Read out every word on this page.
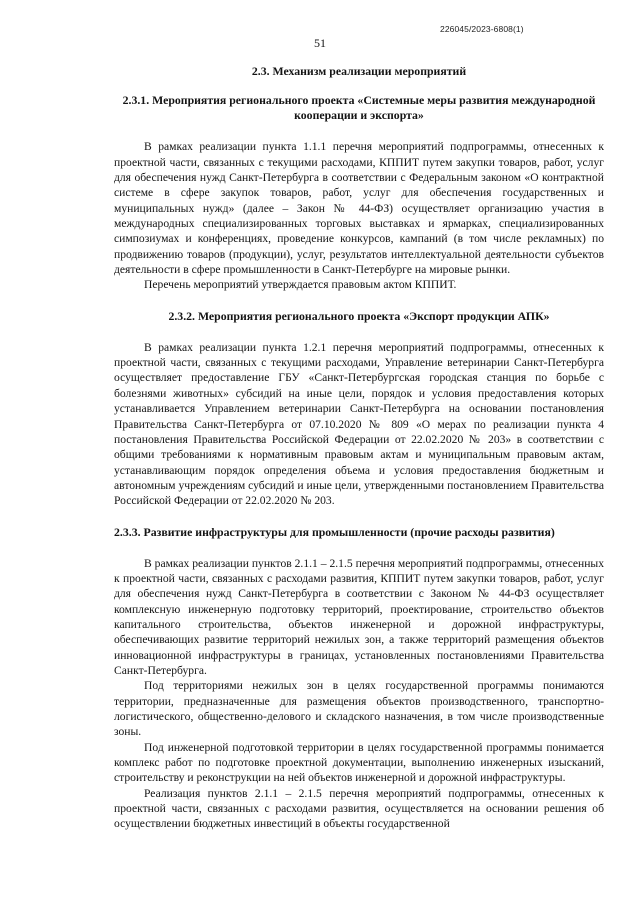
226045/2023-6808(1)
51
2.3. Механизм реализации мероприятий
2.3.1. Мероприятия регионального проекта «Системные меры развития международной кооперации и экспорта»

В рамках реализации пункта 1.1.1 перечня мероприятий подпрограммы, отнесенных к проектной части, связанных с текущими расходами, КППИТ путем закупки товаров, работ, услуг для обеспечения нужд Санкт-Петербурга в соответствии с Федеральным законом «О контрактной системе в сфере закупок товаров, работ, услуг для обеспечения государственных и муниципальных нужд» (далее – Закон № 44-ФЗ) осуществляет организацию участия в международных специализированных торговых выставках и ярмарках, специализированных симпозиумах и конференциях, проведение конкурсов, кампаний (в том числе рекламных) по продвижению товаров (продукции), услуг, результатов интеллектуальной деятельности субъектов деятельности в сфере промышленности в Санкт-Петербурге на мировые рынки.

Перечень мероприятий утверждается правовым актом КППИТ.

2.3.2. Мероприятия регионального проекта «Экспорт продукции АПК»

В рамках реализации пункта 1.2.1 перечня мероприятий подпрограммы, отнесенных к проектной части, связанных с текущими расходами, Управление ветеринарии Санкт-Петербурга осуществляет предоставление ГБУ «Санкт-Петербургская городская станция по борьбе с болезнями животных» субсидий на иные цели, порядок и условия предоставления которых устанавливается Управлением ветеринарии Санкт-Петербурга на основании постановления Правительства Санкт-Петербурга от 07.10.2020 № 809 «О мерах по реализации пункта 4 постановления Правительства Российской Федерации от 22.02.2020 № 203» в соответствии с общими требованиями к нормативным правовым актам и муниципальным правовым актам, устанавливающим порядок определения объема и условия предоставления бюджетным и автономным учреждениям субсидий и иные цели, утвержденными постановлением Правительства Российской Федерации от 22.02.2020 № 203.

2.3.3. Развитие инфраструктуры для промышленности (прочие расходы развития)

В рамках реализации пунктов 2.1.1 – 2.1.5 перечня мероприятий подпрограммы, отнесенных к проектной части, связанных с расходами развития, КППИТ путем закупки товаров, работ, услуг для обеспечения нужд Санкт-Петербурга в соответствии с Законом № 44-ФЗ осуществляет комплексную инженерную подготовку территорий, проектирование, строительство объектов капитального строительства, объектов инженерной и дорожной инфраструктуры, обеспечивающих развитие территорий нежилых зон, а также территорий размещения объектов инновационной инфраструктуры в границах, установленных постановлениями Правительства Санкт-Петербурга.

Под территориями нежилых зон в целях государственной программы понимаются территории, предназначенные для размещения объектов производственного, транспортно-логистического, общественно-делового и складского назначения, в том числе производственные зоны.

Под инженерной подготовкой территории в целях государственной программы понимается комплекс работ по подготовке проектной документации, выполнению инженерных изысканий, строительству и реконструкции на ней объектов инженерной и дорожной инфраструктуры.

Реализация пунктов 2.1.1 – 2.1.5 перечня мероприятий подпрограммы, отнесенных к проектной части, связанных с расходами развития, осуществляется на основании решения об осуществлении бюджетных инвестиций в объекты государственной
